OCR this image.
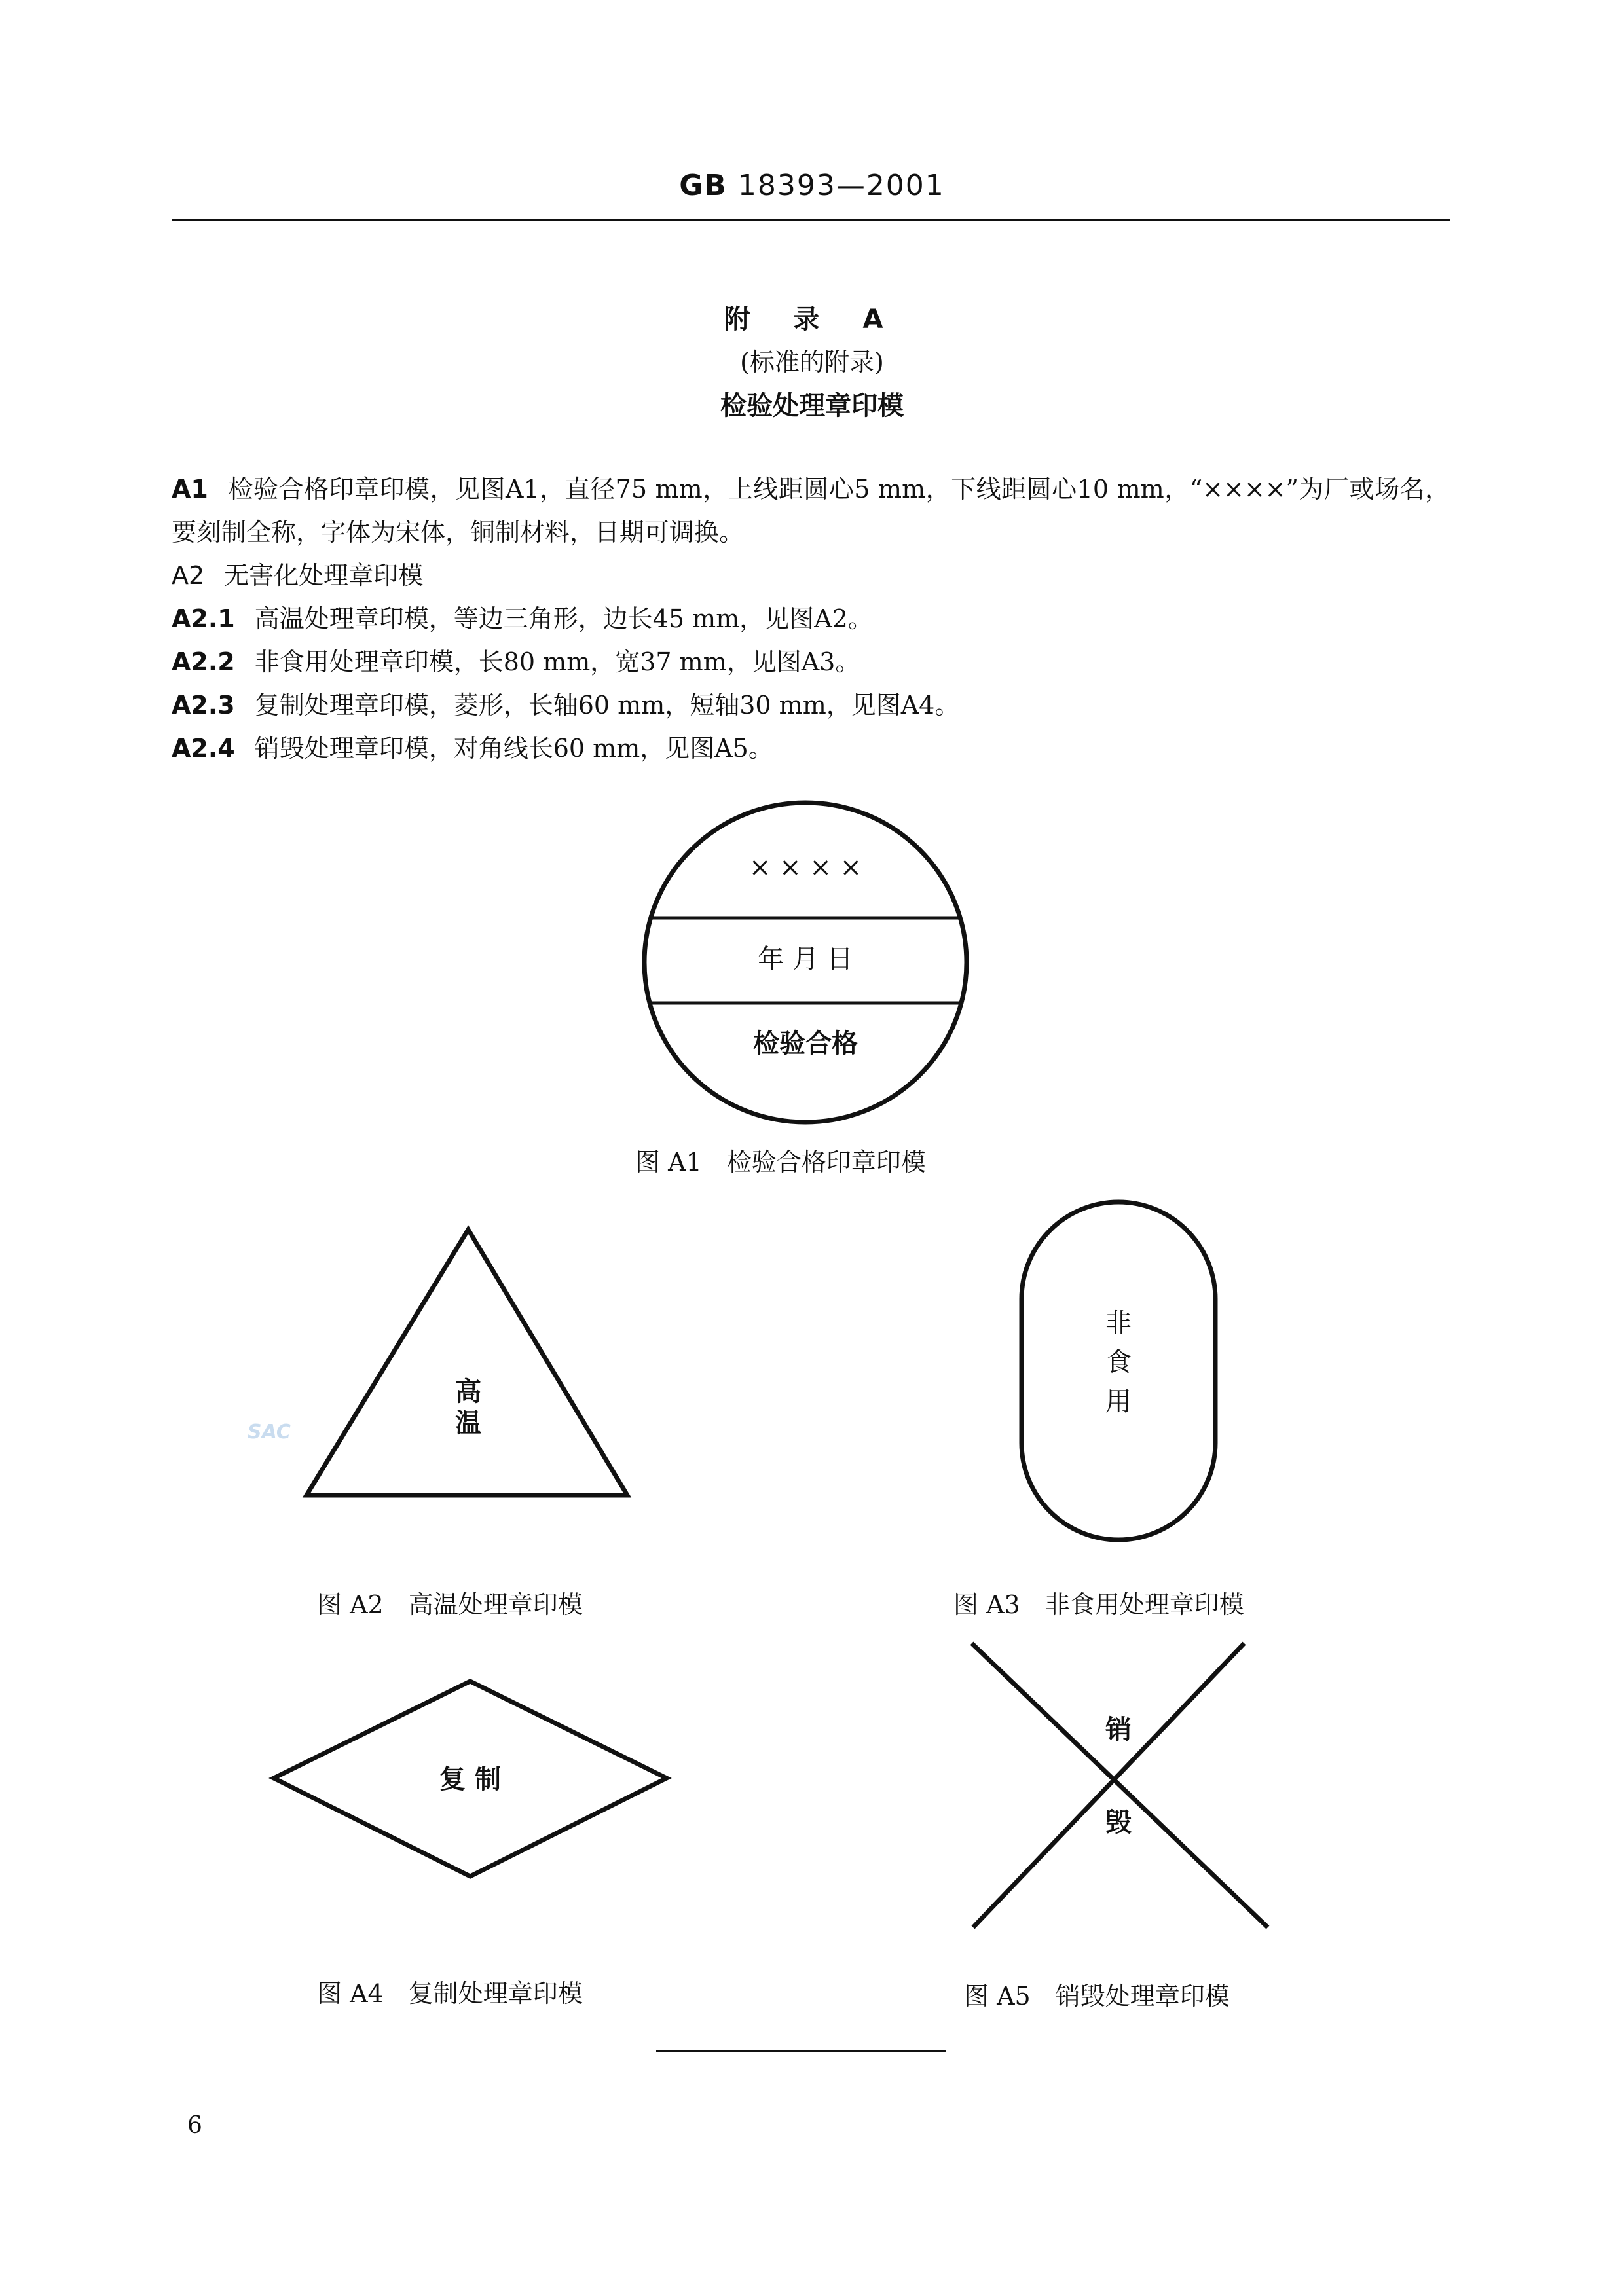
GB 18393—2001
附 录 A
(标准的附录)
检验处理章印模
A1 检验合格印章印模，见图A1，直径75 mm，上线距圆心5 mm，下线距圆心10 mm，“××××”为厂或场名，要刻制全称，字体为宋体，铜制材料，日期可调换。
A2 无害化处理章印模
A2.1 高温处理章印模，等边三角形，边长45 mm，见图A2。
A2.2 非食用处理章印模，长80 mm，宽37 mm，见图A3。
A2.3 复制处理章印模，菱形，长轴60 mm，短轴30 mm，见图A4。
A2.4 销毁处理章印模，对角线长60 mm，见图A5。
× × × ×
年 月 日
检验合格
图 A1　检验合格印章印模
高
温
SAC
图 A2　高温处理章印模
非
食
用
图 A3　非食用处理章印模
复 制
图 A4　复制处理章印模
销
毁
图 A5　销毁处理章印模
6
